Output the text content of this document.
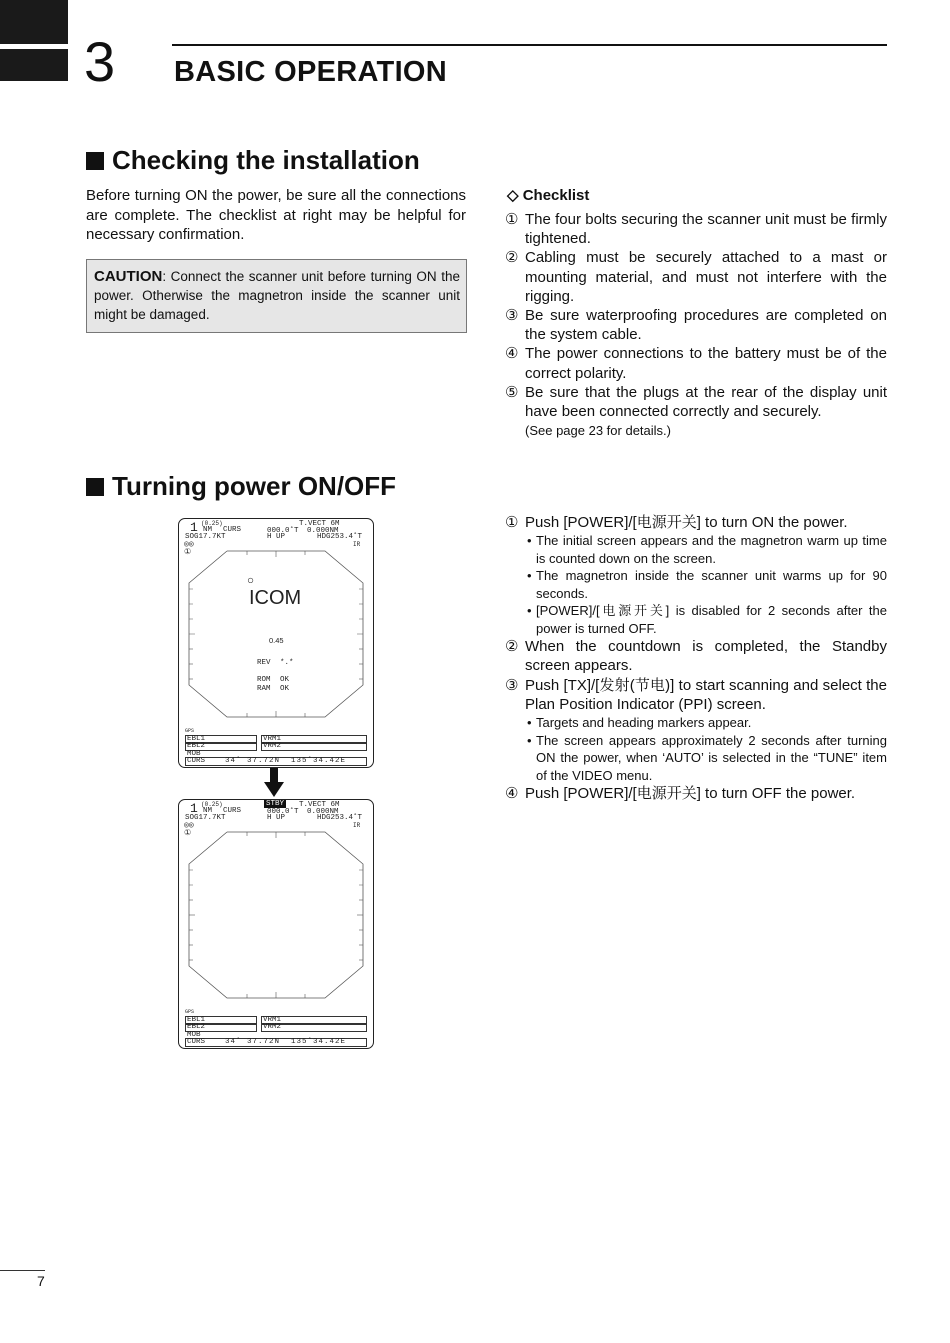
3 BASIC OPERATION
Checking the installation
Before turning ON the power, be sure all the connections are complete. The checklist at right may be helpful for necessary confirmation.
CAUTION: Connect the scanner unit before turning ON the power. Otherwise the magnetron inside the scanner unit might be damaged.
◇ Checklist
① The four bolts securing the scanner unit must be firmly tightened.
② Cabling must be securely attached to a mast or mounting material, and must not interfere with the rigging.
③ Be sure waterproofing procedures are completed on the system cable.
④ The power connections to the battery must be of the correct polarity.
⑤ Be sure that the plugs at the rear of the display unit have been connected correctly and securely.
(See page 23 for details.)
Turning power ON/OFF
① Push [POWER]/[电源开关] to turn ON the power.
• The initial screen appears and the magnetron warm up time is counted down on the screen.
• The magnetron inside the scanner unit warms up for 90 seconds.
• [POWER]/[电源开关] is disabled for 2 seconds after the power is turned OFF.
② When the countdown is completed, the Standby screen appears.
③ Push [TX]/[发射(节电)] to start scanning and select the Plan Position Indicator (PPI) screen.
• Targets and heading markers appear.
• The screen appears approximately 2 seconds after turning ON the power, when ‘AUTO’ is selected in the “TUNE” item of the VIDEO menu.
④ Push [POWER]/[电源开关] to turn OFF the power.
(0.25)
1 NM CURS
T.VECT 6M
000.0˚T 0.000NM
SOG17.7KT	H UP	HDG253.4˚T
IR
◎◎
①
○
ICOM
0.45
REV *.*
ROM OK
RAM OK
GPS
EBL1	VRM1
EBL2	VRM2
MOB
CURS	34˚ 37.72N 135˚34.42E
(0.25)
1 NM CURS
STBY T.VECT 6M
000.0˚T 0.000NM
SOG17.7KT	H UP	HDG253.4˚T
IR
◎◎
①
GPS
EBL1	VRM1
EBL2	VRM2
MOB
CURS	34˚ 37.72N 135˚34.42E
7
